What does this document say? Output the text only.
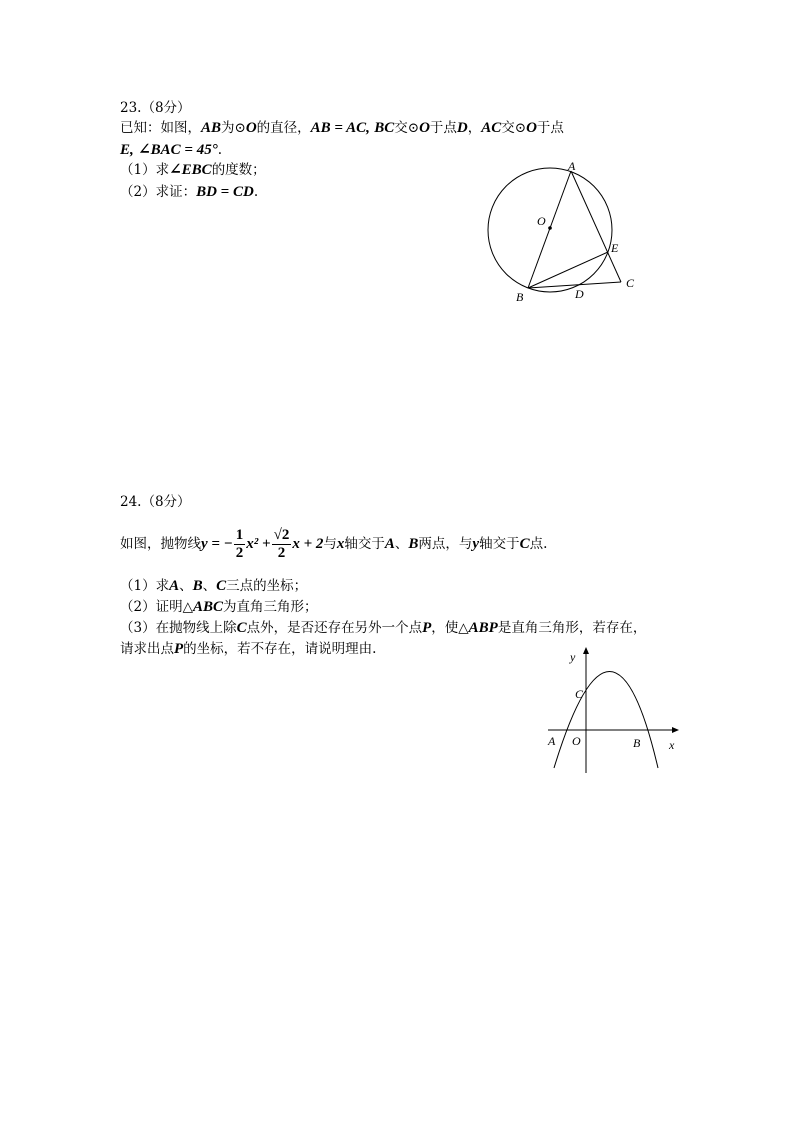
23.（8分）
已知：如图，AB为⊙O的直径，AB = AC, BC交⊙O于点D，AC交⊙O于点
E, ∠BAC = 45°.
（1）求∠EBC的度数；
（2）求证：BD = CD.
A
O
E
C
B	D
24.（8分）
如图，抛物线y = − $\frac{1}{2} x^2 + \frac{√2}{2}$ x + 2与x轴交于A、B两点，与y轴交于C点.
（1）求A、B、C三点的坐标；
（2）证明△ABC为直角三角形；
（3）在抛物线上除C点外，是否还存在另外一个点P，使△ABP是直角三角形，若存在，
请求出点P的坐标，若不存在，请说明理由.	y
C
A O	B x
